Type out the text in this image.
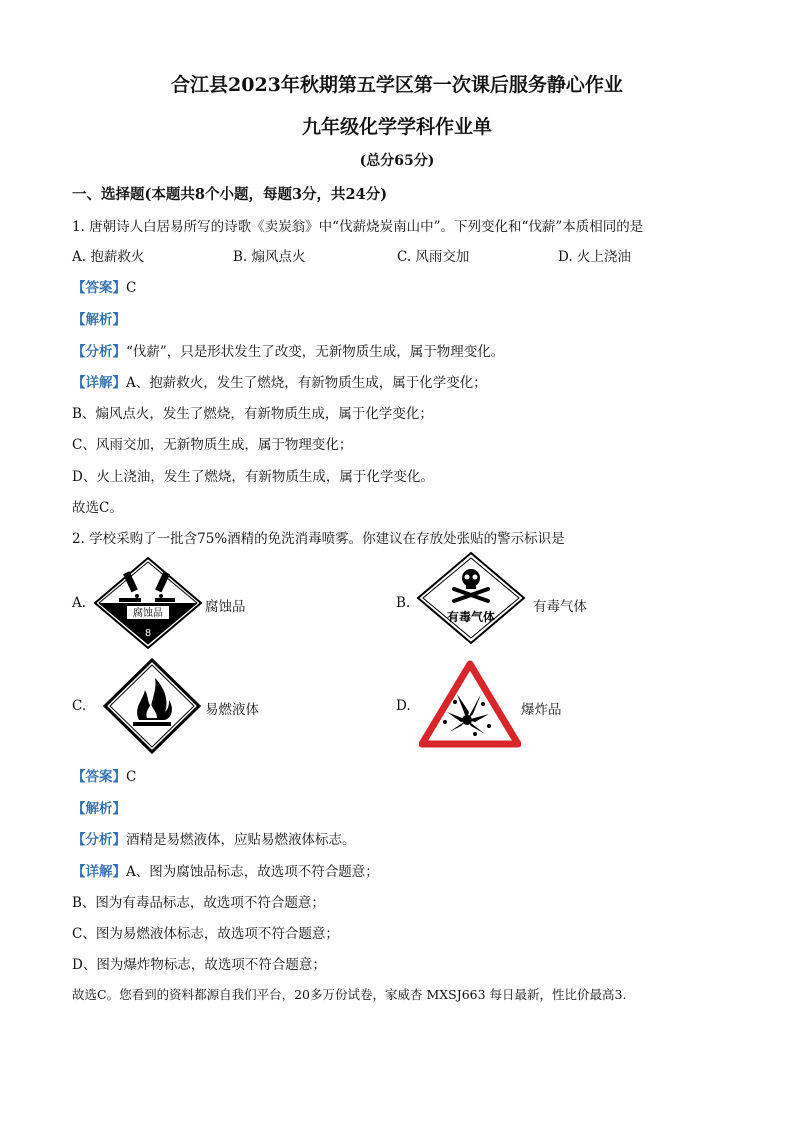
合江县2023年秋期第五学区第一次课后服务静心作业
九年级化学学科作业单
(总分65分)
一、选择题(本题共8个小题，每题3分，共24分)
1. 唐朝诗人白居易所写的诗歌《卖炭翁》中“伐薪烧炭南山中”。下列变化和“伐薪”本质相同的是
A. 抱薪救火	B. 煽风点火	C. 风雨交加	D. 火上浇油
【答案】C
【解析】
【分析】“伐薪”，只是形状发生了改变，无新物质生成，属于物理变化。
【详解】A、抱薪救火，发生了燃烧，有新物质生成，属于化学变化；
B、煽风点火，发生了燃烧，有新物质生成，属于化学变化；
C、风雨交加，无新物质生成，属于物理变化；
D、火上浇油，发生了燃烧，有新物质生成，属于化学变化。
故选C。
2. 学校采购了一批含75%酒精的免洗消毒喷雾。你建议在存放处张贴的警示标识是
A.
腐蚀品
8
腐蚀品	B.
有毒气体
有毒气体
C.	易燃液体	D.	爆炸品
【答案】C
【解析】
【分析】酒精是易燃液体，应贴易燃液体标志。
【详解】A、图为腐蚀品标志，故选项不符合题意；
B、图为有毒品标志，故选项不符合题意；
C、图为易燃液体标志，故选项不符合题意；
D、图为爆炸物标志，故选项不符合题意；
故选C。您看到的资料都源自我们平台，20多万份试卷，家威杏 MXSJ663 每日最新，性比价最高3.
